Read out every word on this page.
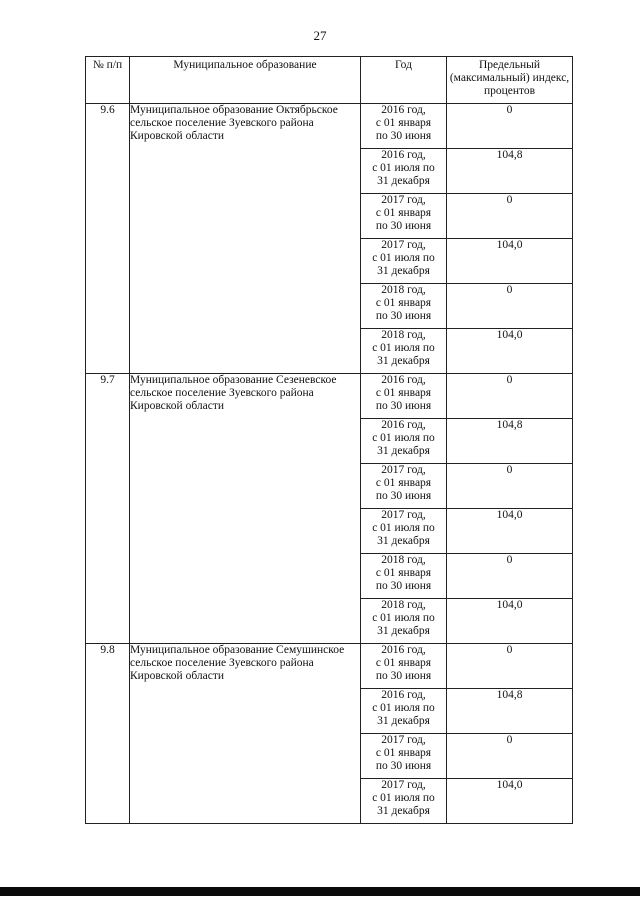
27
№ п/п	Муниципальное образование	Год	Предельный (максимальный) индекс, процентов
9.6	Муниципальное образование Октябрьское сельское поселение Зуевского района Кировской области	2016 год,
с 01 января
по 30 июня	0

		2016 год,
с 01 июля по
31 декабря	104,8

		2017 год,
с 01 января
по 30 июня	0

		2017 год,
с 01 июля по
31 декабря	104,0

		2018 год,
с 01 января
по 30 июня	0

		2018 год,
с 01 июля по
31 декабря	104,0
9.7	Муниципальное образование Сезеневское сельское поселение Зуевского района Кировской области	2016 год,
с 01 января
по 30 июня	0

		2016 год,
с 01 июля по
31 декабря	104,8

		2017 год,
с 01 января
по 30 июня	0

		2017 год,
с 01 июля по
31 декабря	104,0

		2018 год,
с 01 января
по 30 июня	0

		2018 год,
с 01 июля по
31 декабря	104,0
9.8	Муниципальное образование Семушинское сельское поселение Зуевского района Кировской области	2016 год,
с 01 января
по 30 июня	0

		2016 год,
с 01 июля по
31 декабря	104,8

		2017 год,
с 01 января
по 30 июня	0

		2017 год,
с 01 июля по
31 декабря	104,0
